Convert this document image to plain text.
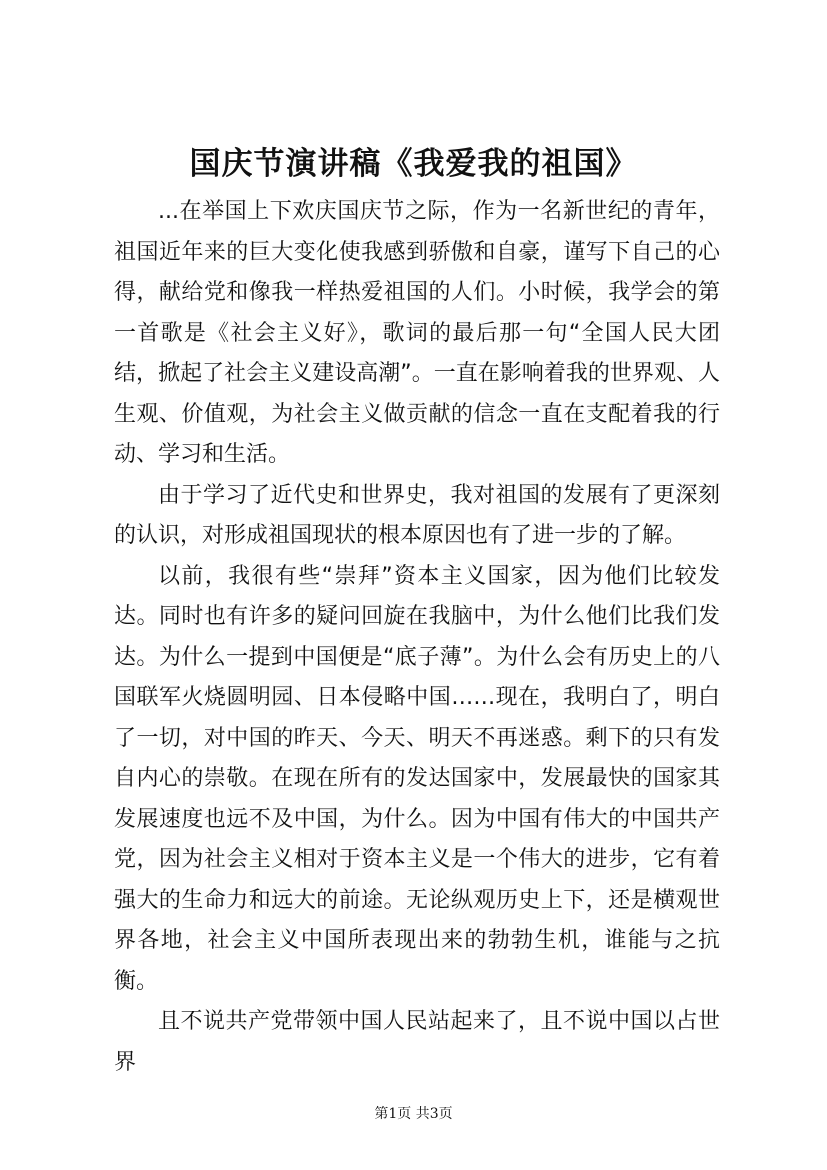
国庆节演讲稿《我爱我的祖国》

...在举国上下欢庆国庆节之际，作为一名新世纪的青年，祖国近年来的巨大变化使我感到骄傲和自豪，谨写下自己的心得，献给党和像我一样热爱祖国的人们。小时候，我学会的第一首歌是《社会主义好》，歌词的最后那一句“全国人民大团结，掀起了社会主义建设高潮”。一直在影响着我的世界观、人生观、价值观，为社会主义做贡献的信念一直在支配着我的行动、学习和生活。

由于学习了近代史和世界史，我对祖国的发展有了更深刻的认识，对形成祖国现状的根本原因也有了进一步的了解。

以前，我很有些“崇拜”资本主义国家，因为他们比较发达。同时也有许多的疑问回旋在我脑中，为什么他们比我们发达。为什么一提到中国便是“底子薄”。为什么会有历史上的八国联军火烧圆明园、日本侵略中国……现在，我明白了，明白了一切，对中国的昨天、今天、明天不再迷惑。剩下的只有发自内心的崇敬。在现在所有的发达国家中，发展最快的国家其发展速度也远不及中国，为什么。因为中国有伟大的中国共产党，因为社会主义相对于资本主义是一个伟大的进步，它有着强大的生命力和远大的前途。无论纵观历史上下，还是横观世界各地，社会主义中国所表现出来的勃勃生机，谁能与之抗衡。

且不说共产党带领中国人民站起来了，且不说中国以占世界

第1页 共3页
